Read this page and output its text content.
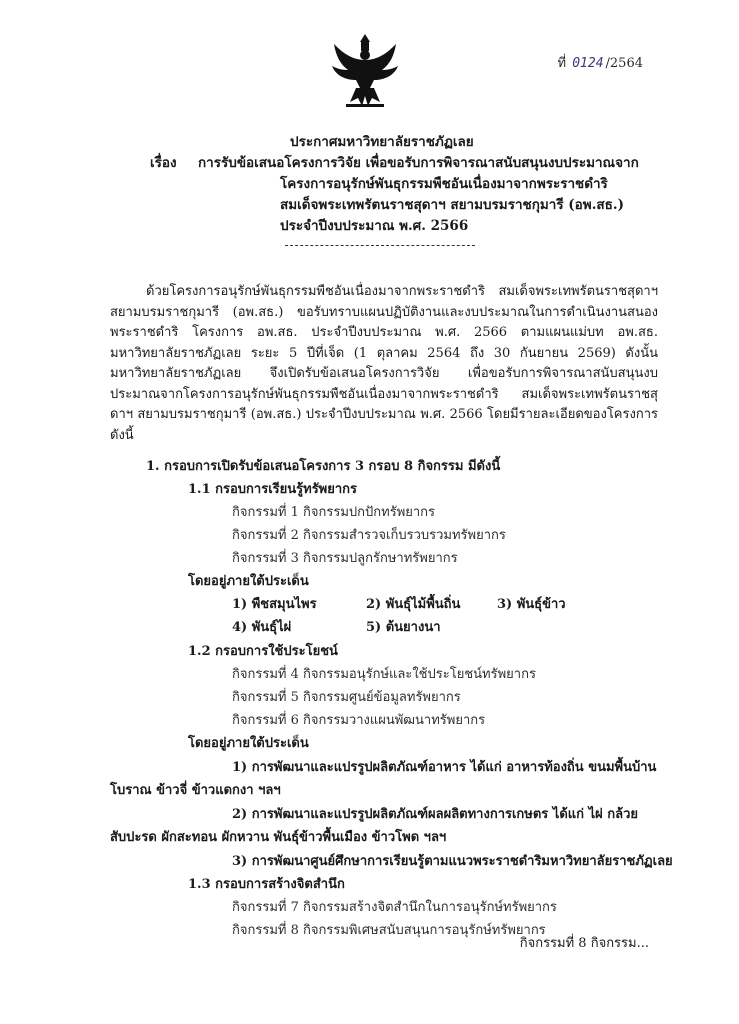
ที่ 0124 /2564
ประกาศมหาวิทยาลัยราชภัฏเลย
เรื่อง	การรับข้อเสนอโครงการวิจัย เพื่อขอรับการพิจารณาสนับสนุนงบประมาณจาก
โครงการอนุรักษ์พันธุกรรมพืชอันเนื่องมาจากพระราชดำริ
สมเด็จพระเทพรัตนราชสุดาฯ สยามบรมราชกุมารี (อพ.สธ.)
ประจำปีงบประมาณ พ.ศ. 2566

ด้วยโครงการอนุรักษ์พันธุกรรมพืชอันเนื่องมาจากพระราชดำริ สมเด็จพระเทพรัตนราชสุดาฯ สยามบรมราชกุมารี (อพ.สธ.) ขอรับทราบแผนปฏิบัติงานและงบประมาณในการดำเนินงานสนองพระราชดำริ โครงการ อพ.สธ. ประจำปีงบประมาณ พ.ศ. 2566 ตามแผนแม่บท อพ.สธ. มหาวิทยาลัยราชภัฏเลย ระยะ 5 ปีที่เจ็ด (1 ตุลาคม 2564 ถึง 30 กันยายน 2569) ดังนั้น มหาวิทยาลัยราชภัฏเลย จึงเปิดรับข้อเสนอโครงการวิจัย เพื่อขอรับการพิจารณาสนับสนุนงบประมาณจากโครงการอนุรักษ์พันธุกรรมพืชอันเนื่องมาจากพระราชดำริ สมเด็จพระเทพรัตนราชสุดาฯ สยามบรมราชกุมารี (อพ.สธ.) ประจำปีงบประมาณ พ.ศ. 2566 โดยมีรายละเอียดของโครงการ ดังนี้

1. กรอบการเปิดรับข้อเสนอโครงการ 3 กรอบ 8 กิจกรรม มีดังนี้
1.1 กรอบการเรียนรู้ทรัพยากร
กิจกรรมที่ 1 กิจกรรมปกปักทรัพยากร
กิจกรรมที่ 2 กิจกรรมสำรวจเก็บรวบรวมทรัพยากร
กิจกรรมที่ 3 กิจกรรมปลูกรักษาทรัพยากร
โดยอยู่ภายใต้ประเด็น
1) พืชสมุนไพร	2) พันธุ์ไม้พื้นถิ่น	3) พันธุ์ข้าว
4) พันธุ์ไผ่	5) ต้นยางนา
1.2 กรอบการใช้ประโยชน์
กิจกรรมที่ 4 กิจกรรมอนุรักษ์และใช้ประโยชน์ทรัพยากร
กิจกรรมที่ 5 กิจกรรมศูนย์ข้อมูลทรัพยากร
กิจกรรมที่ 6 กิจกรรมวางแผนพัฒนาทรัพยากร
โดยอยู่ภายใต้ประเด็น
1) การพัฒนาและแปรรูปผลิตภัณฑ์อาหาร ได้แก่ อาหารท้องถิ่น ขนมพื้นบ้าน
โบราณ ข้าวจี่ ข้าวแดกงา ฯลฯ
2) การพัฒนาและแปรรูปผลิตภัณฑ์ผลผลิตทางการเกษตร ได้แก่ ไผ่ กล้วย
สับปะรด ผักสะทอน ผักหวาน พันธุ์ข้าวพื้นเมือง ข้าวโพด ฯลฯ
3) การพัฒนาศูนย์ศึกษาการเรียนรู้ตามแนวพระราชดำริมหาวิทยาลัยราชภัฏเลย
1.3 กรอบการสร้างจิตสำนึก
กิจกรรมที่ 7 กิจกรรมสร้างจิตสำนึกในการอนุรักษ์ทรัพยากร
กิจกรรมที่ 8 กิจกรรมพิเศษสนับสนุนการอนุรักษ์ทรัพยากร
กิจกรรมที่ 8 กิจกรรม...
